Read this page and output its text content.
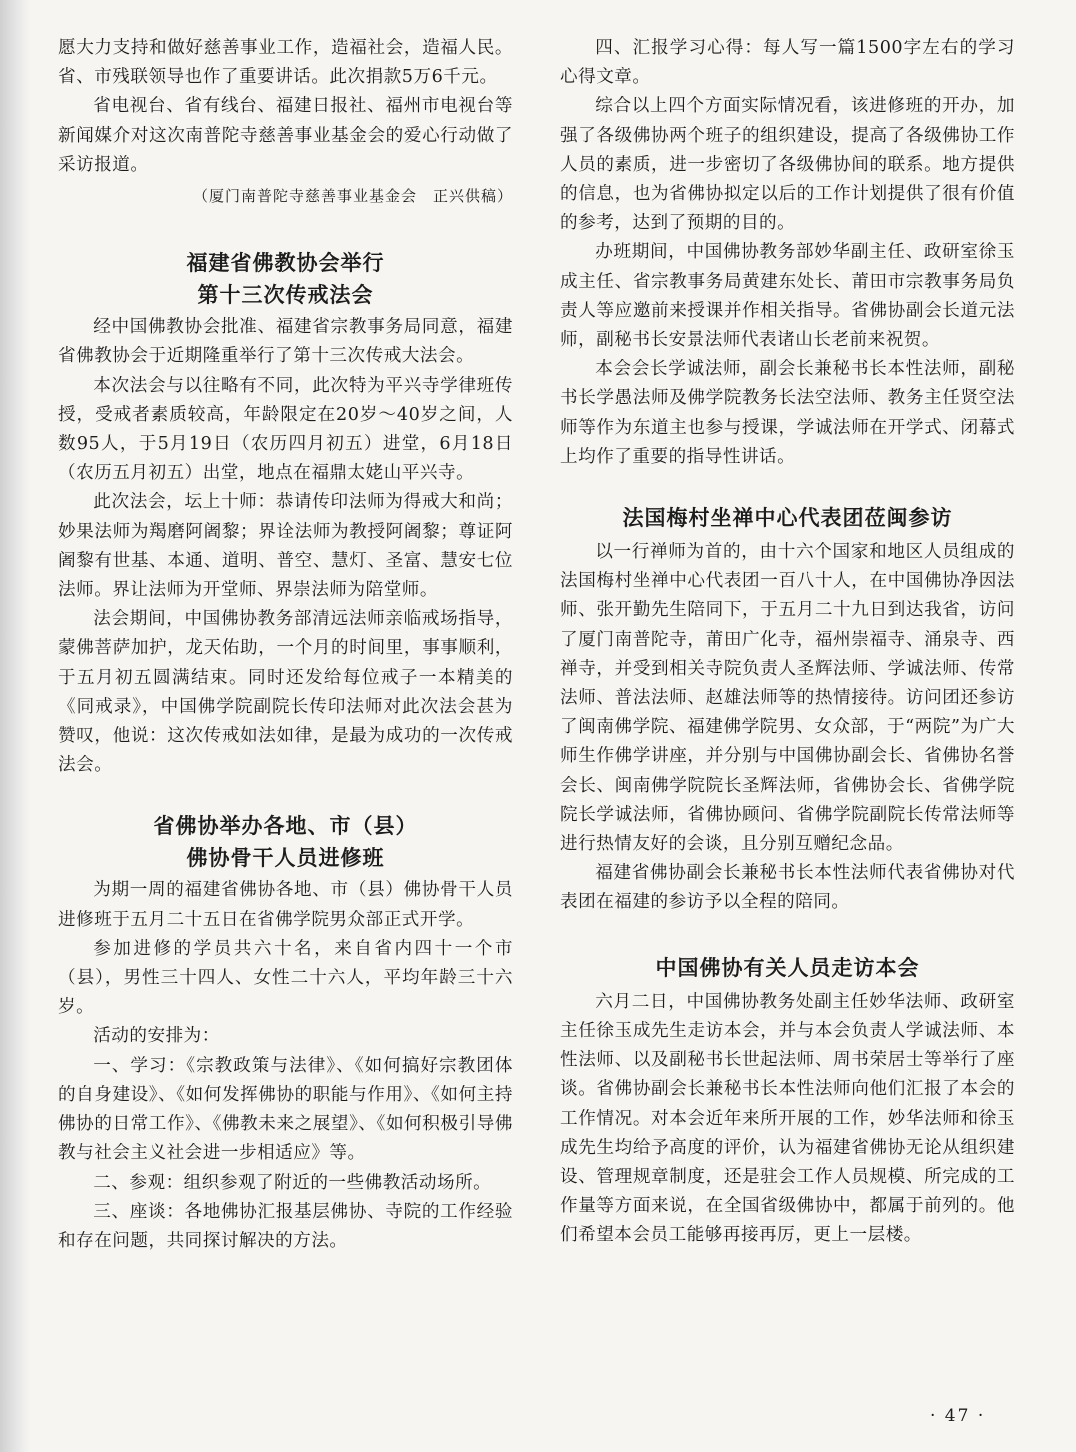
愿大力支持和做好慈善事业工作，造福社会，造福人民。省、市残联领导也作了重要讲话。此次捐款5万6千元。

省电视台、省有线台、福建日报社、福州市电视台等新闻媒介对这次南普陀寺慈善事业基金会的爱心行动做了采访报道。

（厦门南普陀寺慈善事业基金会　正兴供稿）

福建省佛教协会举行
第十三次传戒法会

经中国佛教协会批准、福建省宗教事务局同意，福建省佛教协会于近期隆重举行了第十三次传戒大法会。

本次法会与以往略有不同，此次特为平兴寺学律班传授，受戒者素质较高，年龄限定在20岁～40岁之间，人数95人，于5月19日（农历四月初五）进堂，6月18日（农历五月初五）出堂，地点在福鼎太姥山平兴寺。

此次法会，坛上十师：恭请传印法师为得戒大和尚；妙果法师为羯磨阿阇黎；界诠法师为教授阿阇黎；尊证阿阇黎有世基、本通、道明、普空、慧灯、圣富、慧安七位法师。界让法师为开堂师、界崇法师为陪堂师。

法会期间，中国佛协教务部清远法师亲临戒场指导，蒙佛菩萨加护，龙天佑助，一个月的时间里，事事顺利，于五月初五圆满结束。同时还发给每位戒子一本精美的《同戒录》，中国佛学院副院长传印法师对此次法会甚为赞叹，他说：这次传戒如法如律，是最为成功的一次传戒法会。

省佛协举办各地、市（县）
佛协骨干人员进修班

为期一周的福建省佛协各地、市（县）佛协骨干人员进修班于五月二十五日在省佛学院男众部正式开学。

参加进修的学员共六十名，来自省内四十一个市（县），男性三十四人、女性二十六人，平均年龄三十六岁。

活动的安排为：

一、学习：《宗教政策与法律》、《如何搞好宗教团体的自身建设》、《如何发挥佛协的职能与作用》、《如何主持佛协的日常工作》、《佛教未来之展望》、《如何积极引导佛教与社会主义社会进一步相适应》等。

二、参观：组织参观了附近的一些佛教活动场所。

三、座谈：各地佛协汇报基层佛协、寺院的工作经验和存在问题，共同探讨解决的方法。

四、汇报学习心得：每人写一篇1500字左右的学习心得文章。

综合以上四个方面实际情况看，该进修班的开办，加强了各级佛协两个班子的组织建设，提高了各级佛协工作人员的素质，进一步密切了各级佛协间的联系。地方提供的信息，也为省佛协拟定以后的工作计划提供了很有价值的参考，达到了预期的目的。

办班期间，中国佛协教务部妙华副主任、政研室徐玉成主任、省宗教事务局黄建东处长、莆田市宗教事务局负责人等应邀前来授课并作相关指导。省佛协副会长道元法师，副秘书长安景法师代表诸山长老前来祝贺。

本会会长学诚法师，副会长兼秘书长本性法师，副秘书长学愚法师及佛学院教务长法空法师、教务主任贤空法师等作为东道主也参与授课，学诚法师在开学式、闭幕式上均作了重要的指导性讲话。

法国梅村坐禅中心代表团莅闽参访

以一行禅师为首的，由十六个国家和地区人员组成的法国梅村坐禅中心代表团一百八十人，在中国佛协净因法师、张开勤先生陪同下，于五月二十九日到达我省，访问了厦门南普陀寺，莆田广化寺，福州崇福寺、涌泉寺、西禅寺，并受到相关寺院负责人圣辉法师、学诚法师、传常法师、普法法师、赵雄法师等的热情接待。访问团还参访了闽南佛学院、福建佛学院男、女众部，于“两院”为广大师生作佛学讲座，并分别与中国佛协副会长、省佛协名誉会长、闽南佛学院院长圣辉法师，省佛协会长、省佛学院院长学诚法师，省佛协顾问、省佛学院副院长传常法师等进行热情友好的会谈，且分别互赠纪念品。

福建省佛协副会长兼秘书长本性法师代表省佛协对代表团在福建的参访予以全程的陪同。

中国佛协有关人员走访本会

六月二日，中国佛协教务处副主任妙华法师、政研室主任徐玉成先生走访本会，并与本会负责人学诚法师、本性法师、以及副秘书长世起法师、周书荣居士等举行了座谈。省佛协副会长兼秘书长本性法师向他们汇报了本会的工作情况。对本会近年来所开展的工作，妙华法师和徐玉成先生均给予高度的评价，认为福建省佛协无论从组织建设、管理规章制度，还是驻会工作人员规模、所完成的工作量等方面来说，在全国省级佛协中，都属于前列的。他们希望本会员工能够再接再厉，更上一层楼。

· 47 ·
